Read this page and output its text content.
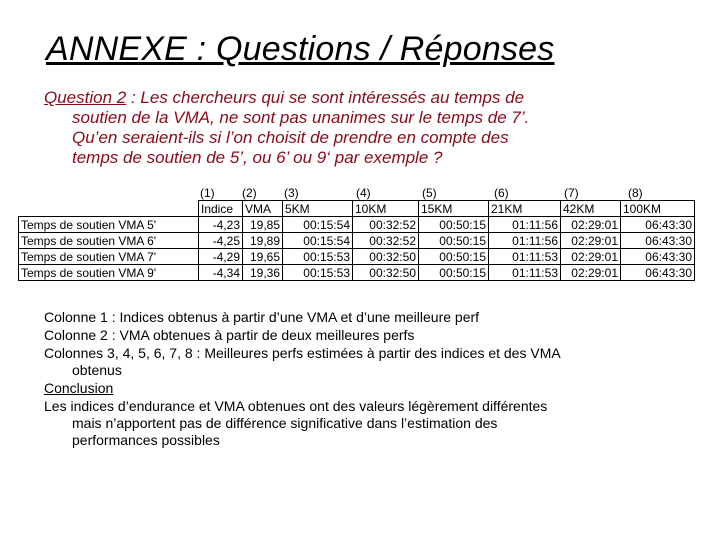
ANNEXE : Questions / Réponses
Question 2 : Les chercheurs qui se sont intéressés au temps de
soutien de la VMA, ne sont pas unanimes sur le temps de 7’.
Qu’en seraient-ils si l’on choisit de prendre en compte des
temps de soutien de 5’, ou 6’ ou 9‘ par exemple ?
(1) (2) (3)	(4)	(5)	(6)	(7)	(8)
	Indice	VMA	5KM	10KM	15KM	21KM	42KM	100KM
Temps de soutien VMA 5'	-4,23	19,85	00:15:54	00:32:52	00:50:15	01:11:56	02:29:01	06:43:30
Temps de soutien VMA 6'	-4,25	19,89	00:15:54	00:32:52	00:50:15	01:11:56	02:29:01	06:43:30
Temps de soutien VMA 7'	-4,29	19,65	00:15:53	00:32:50	00:50:15	01:11:53	02:29:01	06:43:30
Temps de soutien VMA 9'	-4,34	19,36	00:15:53	00:32:50	00:50:15	01:11:53	02:29:01	06:43:30

Colonne 1 : Indices obtenus à partir d’une VMA et d’une meilleure perf

Colonne 2 : VMA obtenues à partir de deux meilleures perfs

Colonnes 3, 4, 5, 6, 7, 8 : Meilleures perfs estimées à partir des indices et des VMA
obtenus

Conclusion

Les indices d’endurance et VMA obtenues ont des valeurs légèrement différentes
mais n’apportent pas de différence significative dans l’estimation des
performances possibles
